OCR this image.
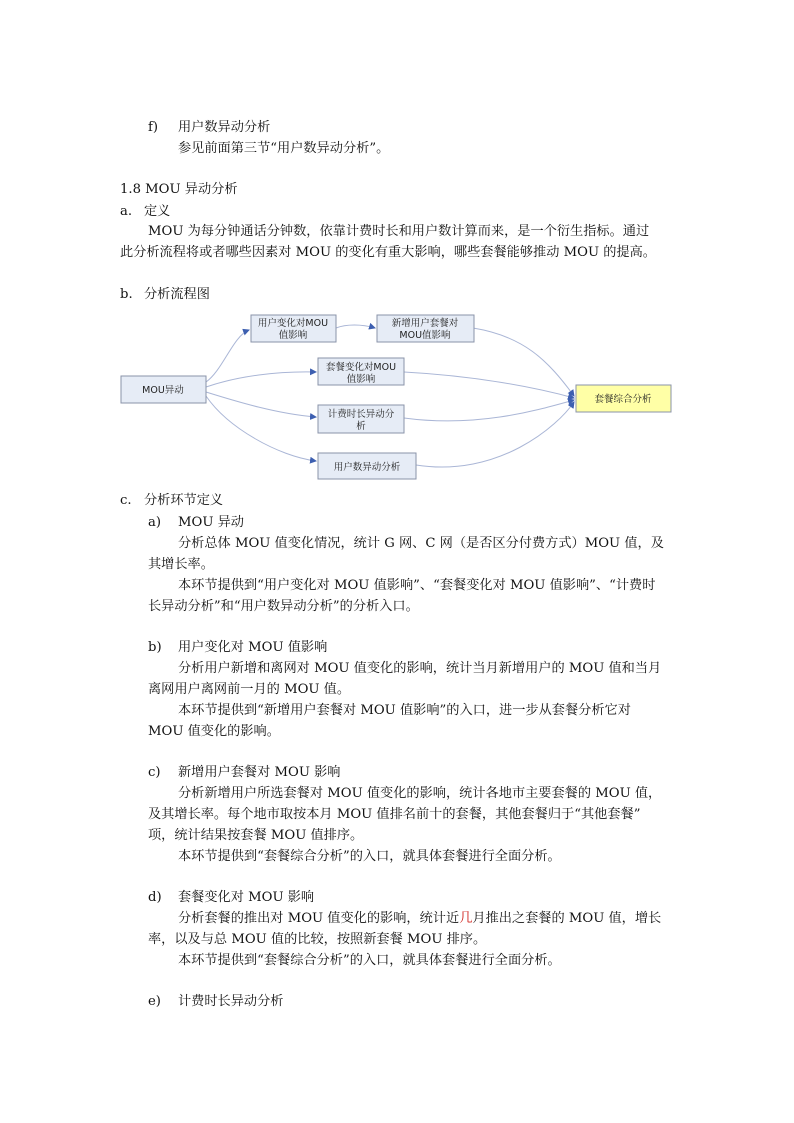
f) 用户数异动分析
参见前面第三节“用户数异动分析”。
1.8 MOU 异动分析
a. 定义
MOU 为每分钟通话分钟数，依靠计费时长和用户数计算而来，是一个衍生指标。通过
此分析流程将或者哪些因素对 MOU 的变化有重大影响，哪些套餐能够推动 MOU 的提高。
b. 分析流程图
MOU异动
用户变化对MOU
值影响
新增用户套餐对
MOU值影响
套餐变化对MOU
值影响
计费时长异动分
析
用户数异动分析
套餐综合分析
c. 分析环节定义
a) MOU 异动
分析总体 MOU 值变化情况，统计 G 网、C 网（是否区分付费方式）MOU 值，及
其增长率。
本环节提供到“用户变化对 MOU 值影响”、“套餐变化对 MOU 值影响”、“计费时
长异动分析”和“用户数异动分析”的分析入口。
b) 用户变化对 MOU 值影响
分析用户新增和离网对 MOU 值变化的影响，统计当月新增用户的 MOU 值和当月
离网用户离网前一月的 MOU 值。
本环节提供到“新增用户套餐对 MOU 值影响”的入口，进一步从套餐分析它对
MOU 值变化的影响。
c) 新增用户套餐对 MOU 影响
分析新增用户所选套餐对 MOU 值变化的影响，统计各地市主要套餐的 MOU 值，
及其增长率。每个地市取按本月 MOU 值排名前十的套餐，其他套餐归于“其他套餐”
项，统计结果按套餐 MOU 值排序。
本环节提供到“套餐综合分析”的入口，就具体套餐进行全面分析。
d) 套餐变化对 MOU 影响
分析套餐的推出对 MOU 值变化的影响，统计近几月推出之套餐的 MOU 值，增长
率，以及与总 MOU 值的比较，按照新套餐 MOU 排序。
本环节提供到“套餐综合分析”的入口，就具体套餐进行全面分析。
e) 计费时长异动分析
